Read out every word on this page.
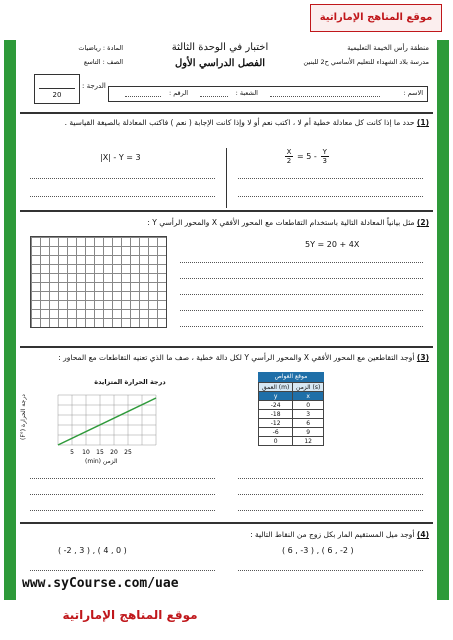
موقع المناهج الإماراتية
منطقة رأس الخيمة التعليمية
مدرسة بلاد الشهداء للتعليم الأساسي ح2 للبنين
اختبار في الوحدة الثالثة
الفصل الدراسي الأول
المادة : رياضيات
الصف : التاسع
الدرجة :
20	الاسم :
الشعبة :
الرقم :
(1) حدد ما إذا كانت كل معادلة خطية أم لا ، اكتب نعم أو لا وإذا كانت الإجابة ( نعم ) فاكتب المعادلة بالصيغة القياسية .
|X| - Y = 3
X
2 = 5 - Y
3
(2) مثل بيانياً المعادلة التالية باستخدام التقاطعات مع المحور الأفقي X والمحور الرأسي Y :
5Y = 20 + 4X
(3) أوجد التقاطعين مع المحور الأفقي X والمحور الرأسي Y لكل دالة خطية ، صف ما الذي تعنيه التقاطعات مع المحاور :
درجة الحرارة المتزايدة
5 10 15 20 25
درجة الحرارة (°F)
الزمن (min)
موقع الغواص
العمق (m)	الزمن (s)
y	x
-24	0
-18	3
-12	6
-6	9
0	12
(4) أوجد ميل المستقيم المار بكل زوج من النقاط التالية :
( -2 , 3 ) , ( 4 , 0 )	( 6 , -3 ) , ( 6 , -2 )
www.syCourse.com/uae
موقع المناهج الإماراتية
